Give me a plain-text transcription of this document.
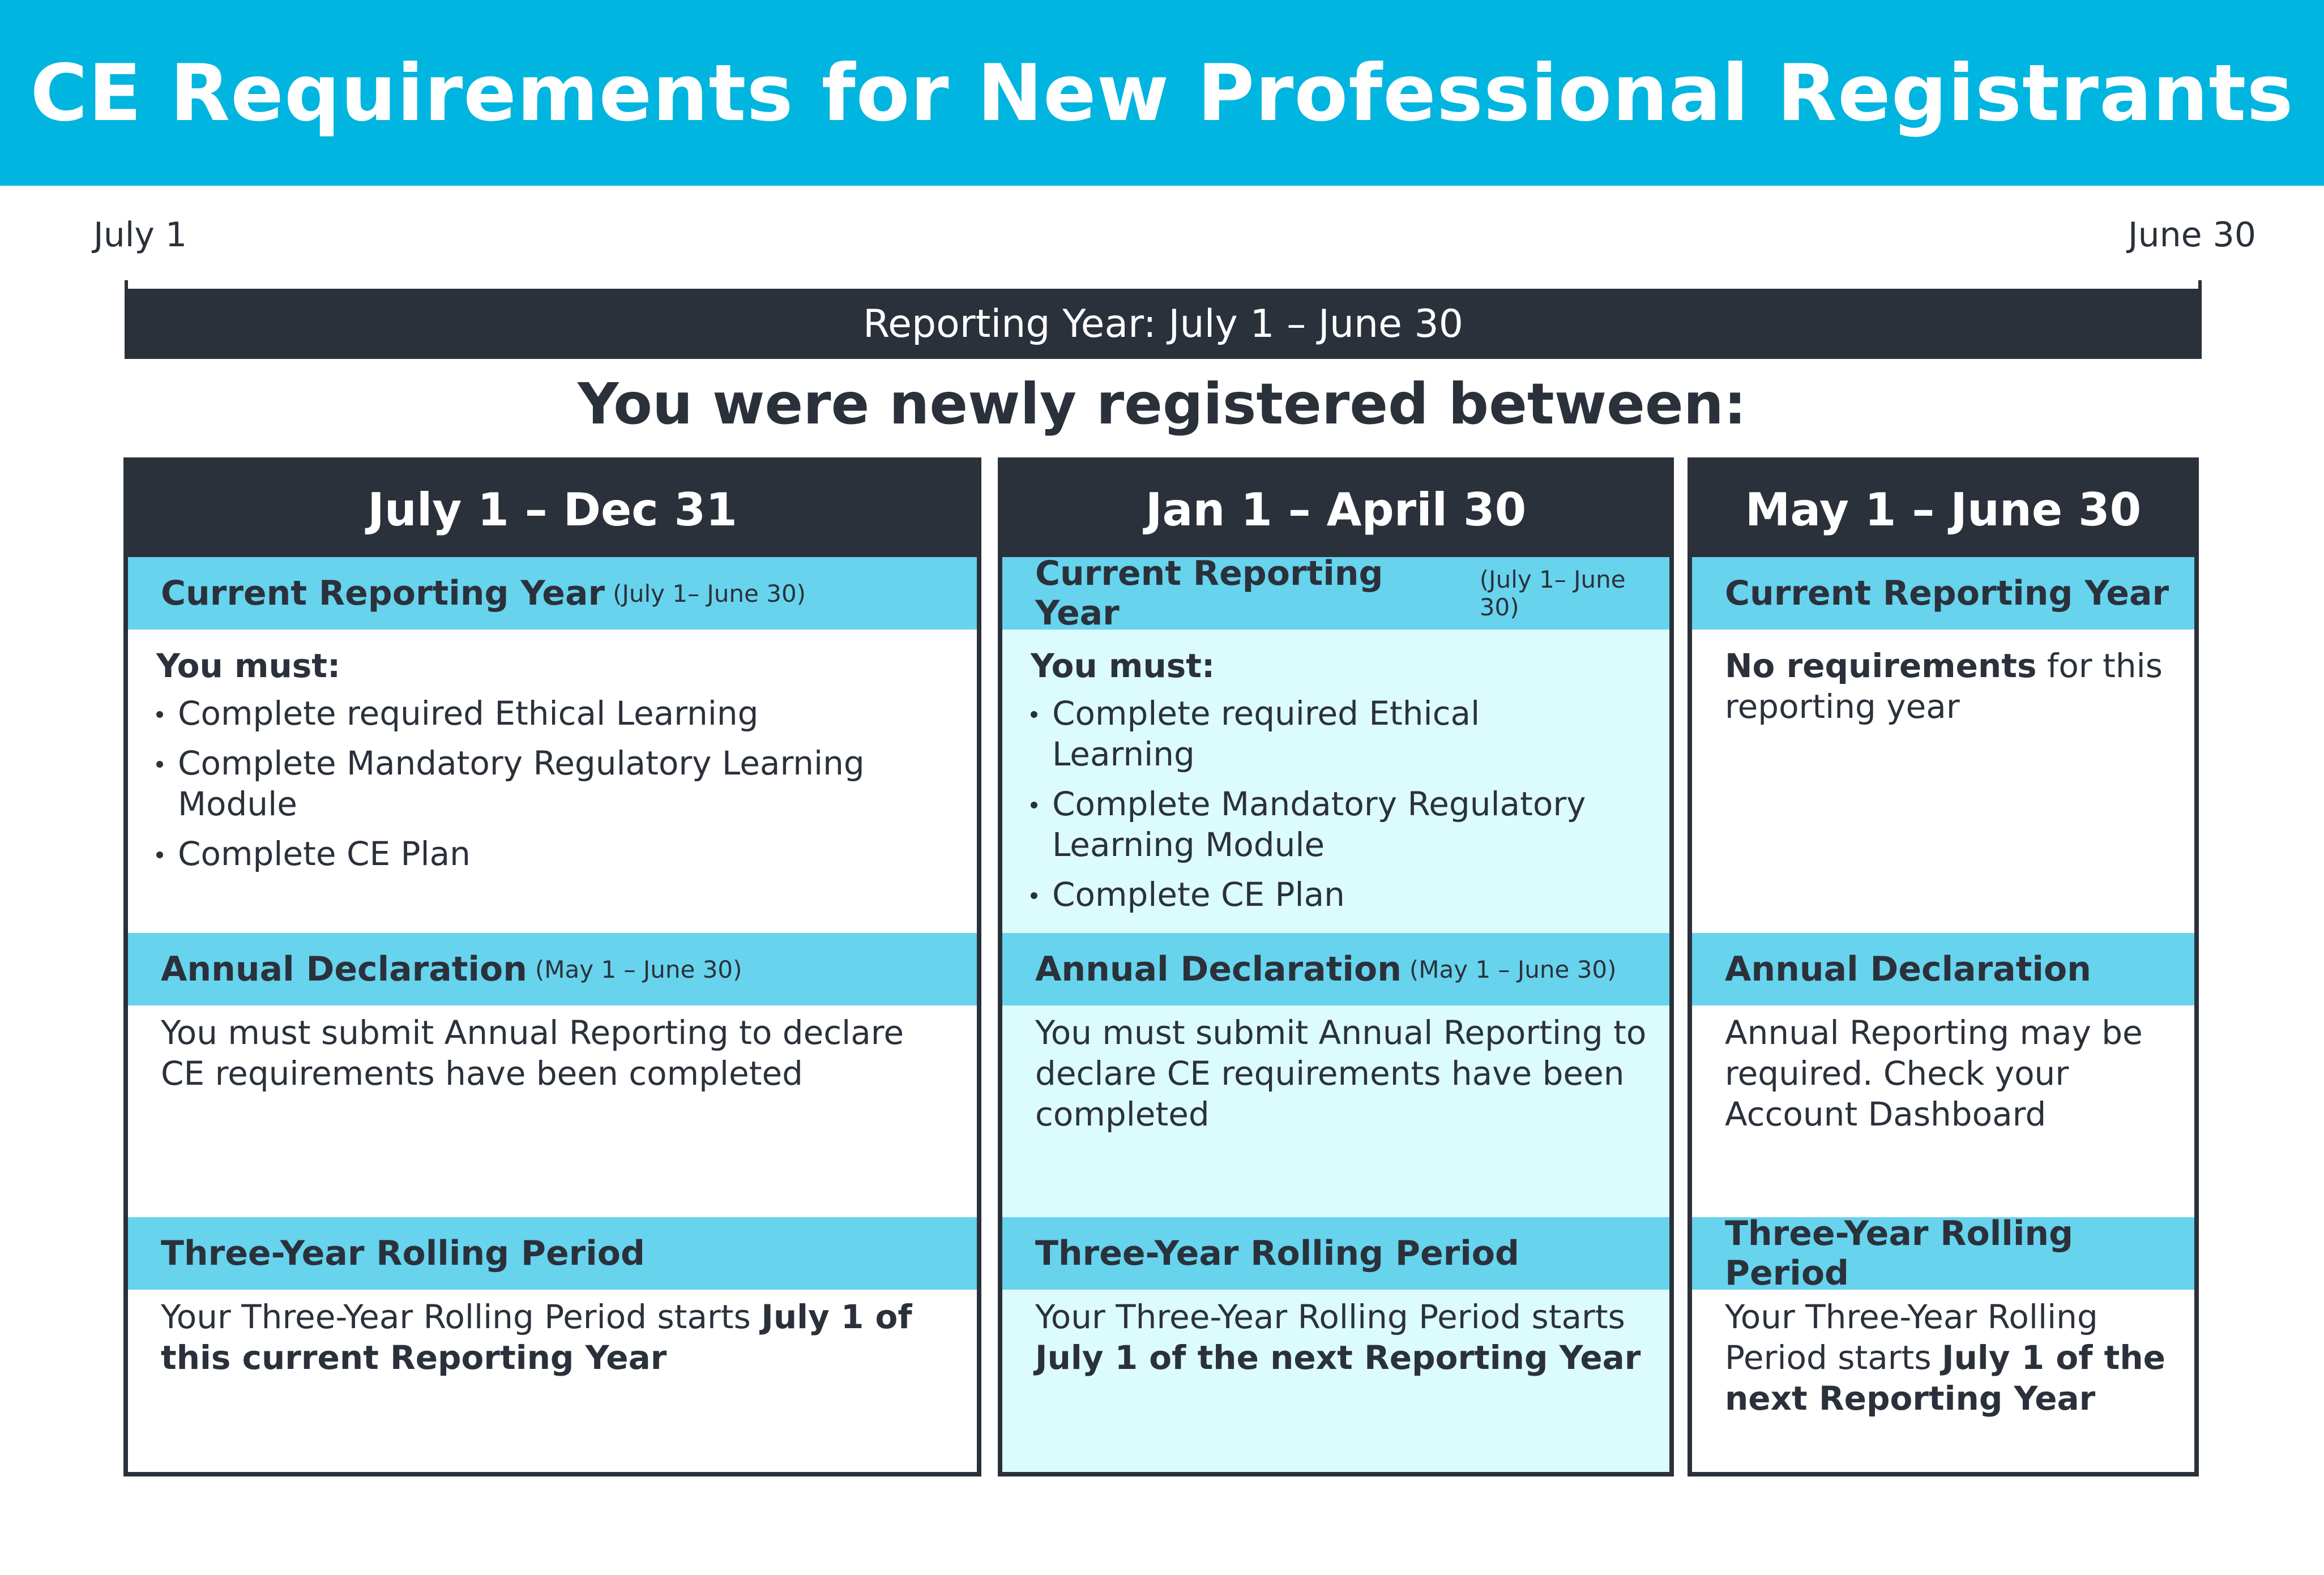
CE Requirements for New Professional Registrants
July 1	June 30
Reporting Year: July 1 – June 30
You were newly registered between:
July 1 – Dec 31
Current Reporting Year (July 1– June 30)
You must:
Complete required Ethical Learning
Complete Mandatory Regulatory Learning Module
Complete CE Plan
Annual Declaration (May 1 – June 30)
You must submit Annual Reporting to declare CE requirements have been completed
Three-Year Rolling Period
Your Three-Year Rolling Period starts July 1 of this current Reporting Year
Jan 1 – April 30
Current Reporting Year
(July 1– June 30)
You must:
Complete required Ethical Learning
Complete Mandatory Regulatory Learning Module
Complete CE Plan
Annual Declaration (May 1 – June 30)
You must submit Annual Reporting to declare CE requirements have been completed
Three-Year Rolling Period
Your Three-Year Rolling Period starts July 1 of the next Reporting Year
May 1 – June 30
Current Reporting Year
No requirements for this reporting year
Annual Declaration
Annual Reporting may be required. Check your Account Dashboard
Three-Year Rolling Period
Your Three-Year Rolling Period starts July 1 of the next Reporting Year
